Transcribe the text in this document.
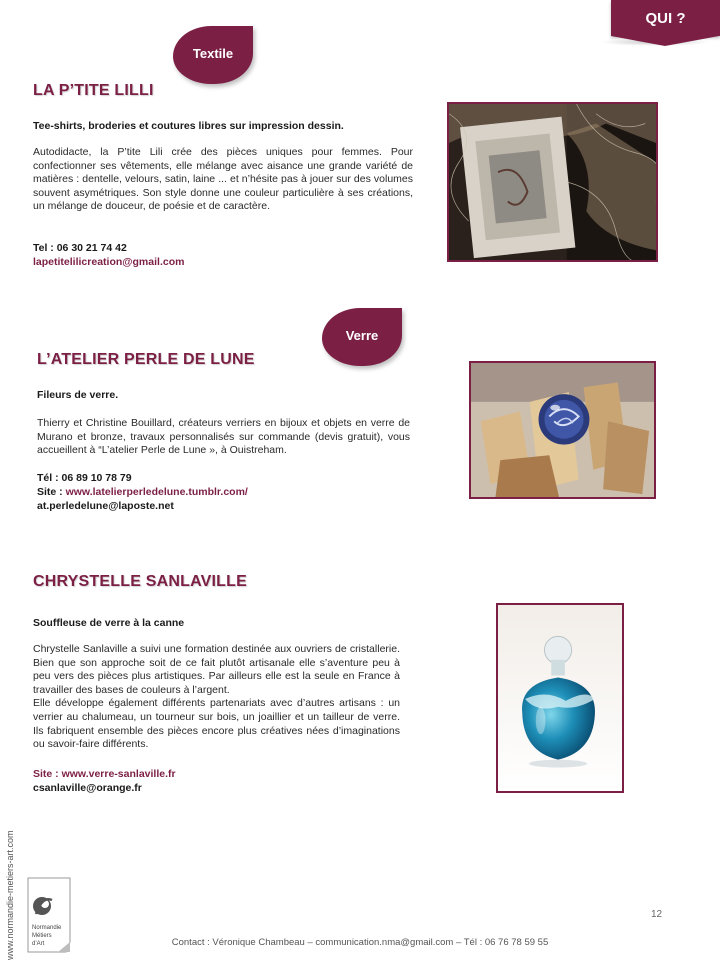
QUI ?
Textile
LA P’TITE LILLI
Tee-shirts, broderies et coutures libres sur impression dessin.

Autodidacte, la P’tite Lili crée des pièces uniques pour femmes. Pour confectionner ses vêtements, elle mélange avec aisance une grande variété de matières : dentelle, velours, satin, laine ... et n’hésite pas à jouer sur des volumes souvent asymétriques. Son style donne une couleur particulière à ses créations, un mélange de douceur, de poésie et de caractère.

Tel : 06 30 21 74 42
lapetitelilicreation@gmail.com
Verre
L’ATELIER PERLE DE LUNE
Fileurs de verre.

Thierry et Christine Bouillard, créateurs verriers en bijoux et objets en verre de Murano et bronze, travaux personnalisés sur commande (devis gratuit), vous accueillent à “L’atelier Perle de Lune », à Ouistreham.

Tél : 06 89 10 78 79
Site : www.latelierperledelune.tumblr.com/
at.perledelune@laposte.net
CHRYSTELLE SANLAVILLE
Souffleuse de verre à la canne

Chrystelle Sanlaville a suivi une formation destinée aux ouvriers de cristallerie. Bien que son approche soit de ce fait plutôt artisanale elle s’aventure peu à peu vers des pièces plus artistiques. Par ailleurs elle est la seule en France à travailler des bases de couleurs à l’argent.

Elle développe également différents partenariats avec d’autres artisans : un verrier au chalumeau, un tourneur sur bois, un joaillier et un tailleur de verre. Ils fabriquent ensemble des pièces encore plus créatives nées d’imaginations ou savoir-faire différents.

Site : www.verre-sanlaville.fr
csanlaville@orange.fr
12
Contact : Véronique Chambeau – communication.nma@gmail.com – Tél : 06 76 78 59 55
www.normandie-metiers-art.com	Normandie
Métiers
d’Art
